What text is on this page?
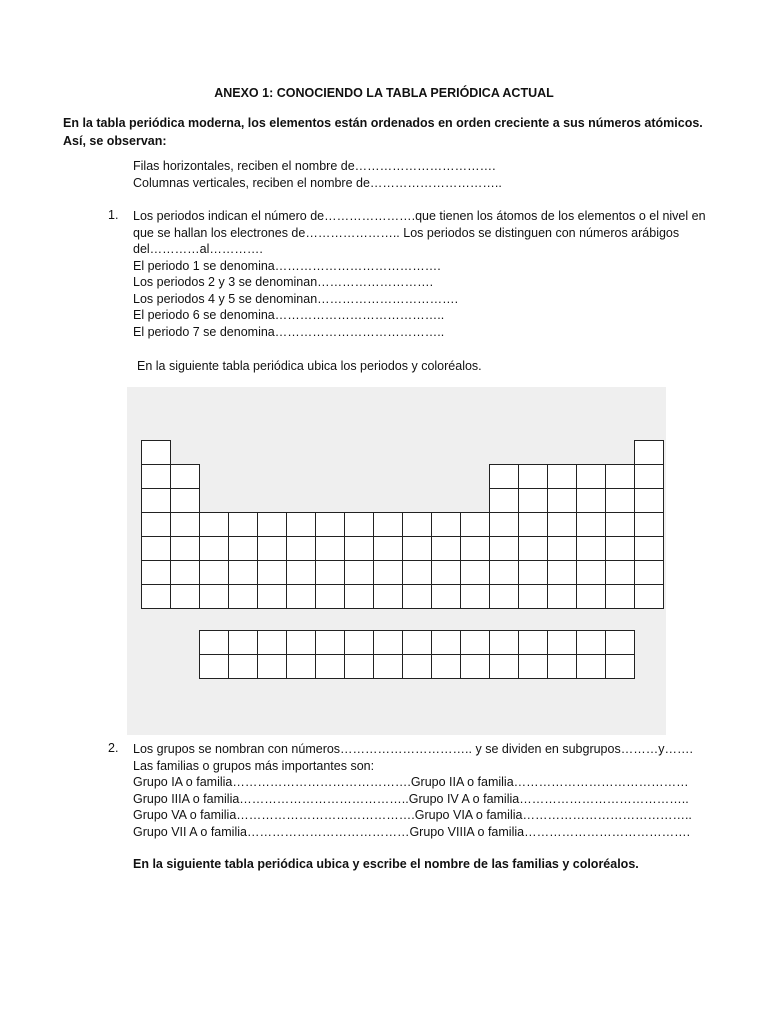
ANEXO 1: CONOCIENDO LA TABLA PERIÓDICA ACTUAL
En la tabla periódica moderna, los elementos están ordenados en orden creciente a sus números atómicos. Así, se observan:
Filas horizontales, reciben el nombre de…………………………….
Columnas verticales, reciben el nombre de…………………………..
1. Los periodos indican el número de………………….que tienen los átomos de los elementos o el nivel en
que se hallan los electrones de………………….. Los periodos se distinguen con números arábigos
del…………al………….
El periodo 1 se denomina………………………………….
Los periodos 2 y 3 se denominan……………………….
Los periodos 4 y 5 se denominan…………………………….
El periodo 6 se denomina…………………………………..
El periodo 7 se denomina…………………………………..
En la siguiente tabla periódica ubica los periodos y coloréalos.
2. Los grupos se nombran con números………………………….. y se dividen en subgrupos………y…….
Las familias o grupos más importantes son:
Grupo IA o familia…………………………………….Grupo IIA o familia……………………………………
Grupo IIIA o familia…………………………………..Grupo IV A o familia…………………………………..
Grupo VA o familia…………………………………….Grupo VIA o familia…………………………………..
Grupo VII A o familia…………………………………Grupo VIIIA o familia………………………………….
En la siguiente tabla periódica ubica y escribe el nombre de las familias y coloréalos.
